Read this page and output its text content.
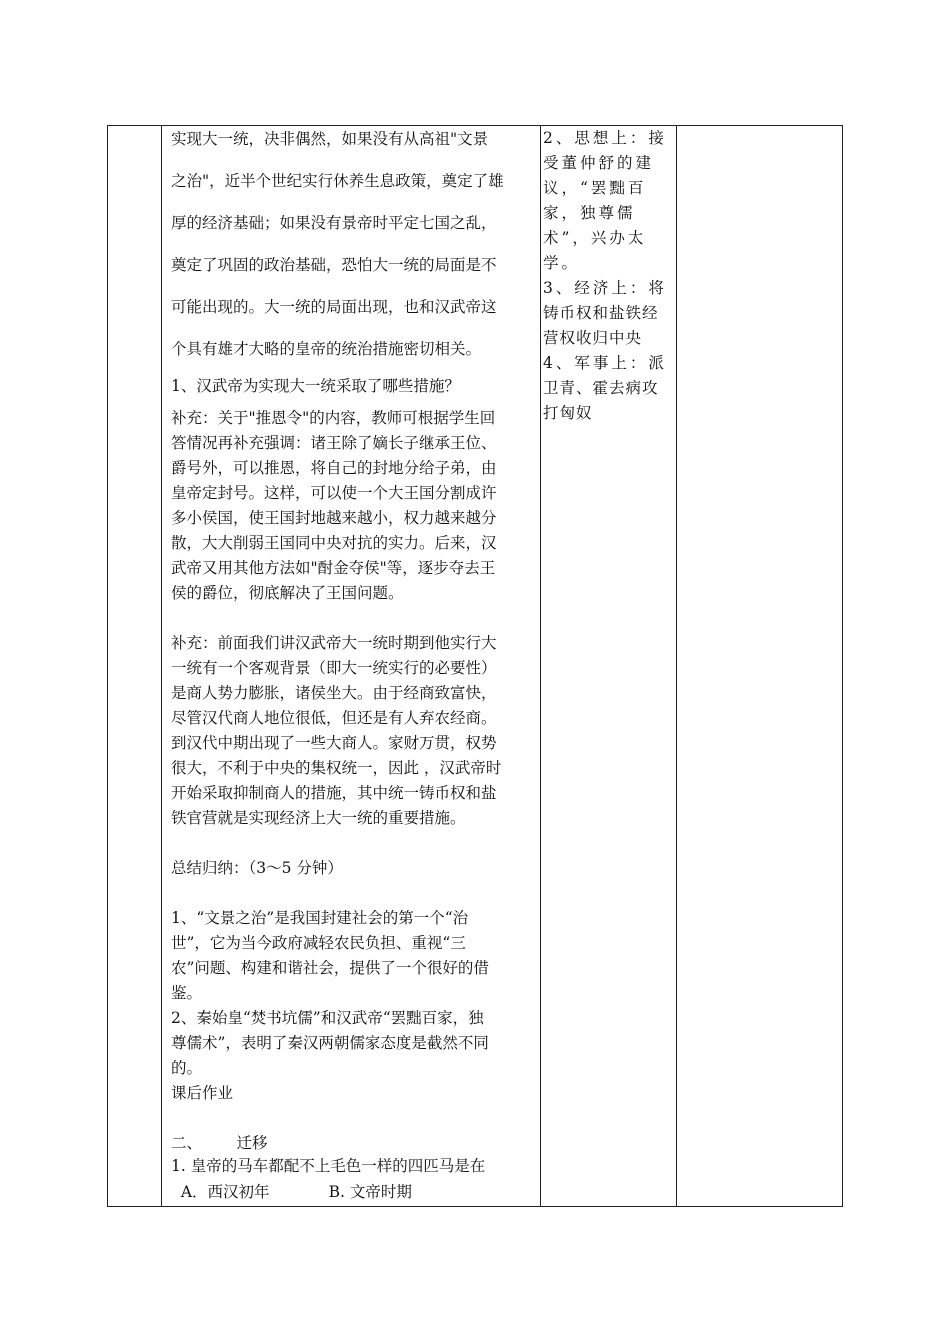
实现大一统，决非偶然，如果没有从高祖"文景

之治"，近半个世纪实行休养生息政策，奠定了雄

厚的经济基础；如果没有景帝时平定七国之乱，

奠定了巩固的政治基础，恐怕大一统的局面是不

可能出现的。大一统的局面出现，也和汉武帝这

个具有雄才大略的皇帝的统治措施密切相关。

1、汉武帝为实现大一统采取了哪些措施？

补充：关于"推恩令"的内容，教师可根据学生回

答情况再补充强调：诸王除了嫡长子继承王位、

爵号外，可以推恩，将自己的封地分给子弟，由

皇帝定封号。这样，可以使一个大王国分割成许

多小侯国，使王国封地越来越小，权力越来越分

散，大大削弱王国同中央对抗的实力。后来，汉

武帝又用其他方法如"酎金夺侯"等，逐步夺去王

侯的爵位，彻底解决了王国问题。

补充：前面我们讲汉武帝大一统时期到他实行大

一统有一个客观背景（即大一统实行的必要性）

是商人势力膨胀，诸侯坐大。由于经商致富快，

尽管汉代商人地位很低，但还是有人弃农经商。

到汉代中期出现了一些大商人。家财万贯，权势

很大，不利于中央的集权统一，因此 ，汉武帝时

开始采取抑制商人的措施，其中统一铸币权和盐

铁官营就是实现经济上大一统的重要措施。

总结归纳：（3～5 分钟）

1、“文景之治”是我国封建社会的第一个“治

世”，它为当今政府减轻农民负担、重视“三

农”问题、构建和谐社会，提供了一个很好的借

鉴。

2、秦始皇“焚书坑儒”和汉武帝“罢黜百家，独

尊儒术”，表明了秦汉两朝儒家态度是截然不同

的。

课后作业

二、       迁移

1. 皇帝的马车都配不上毛色一样的四匹马是在

A．西汉初年            B. 文帝时期

2、思想上：接

受董仲舒的建

议，“罢黜百

家，独尊儒

术”，兴办太

学。

3、经济上：将

铸币权和盐铁经

营权收归中央

4、军事上：派

卫青、霍去病攻

打匈奴
